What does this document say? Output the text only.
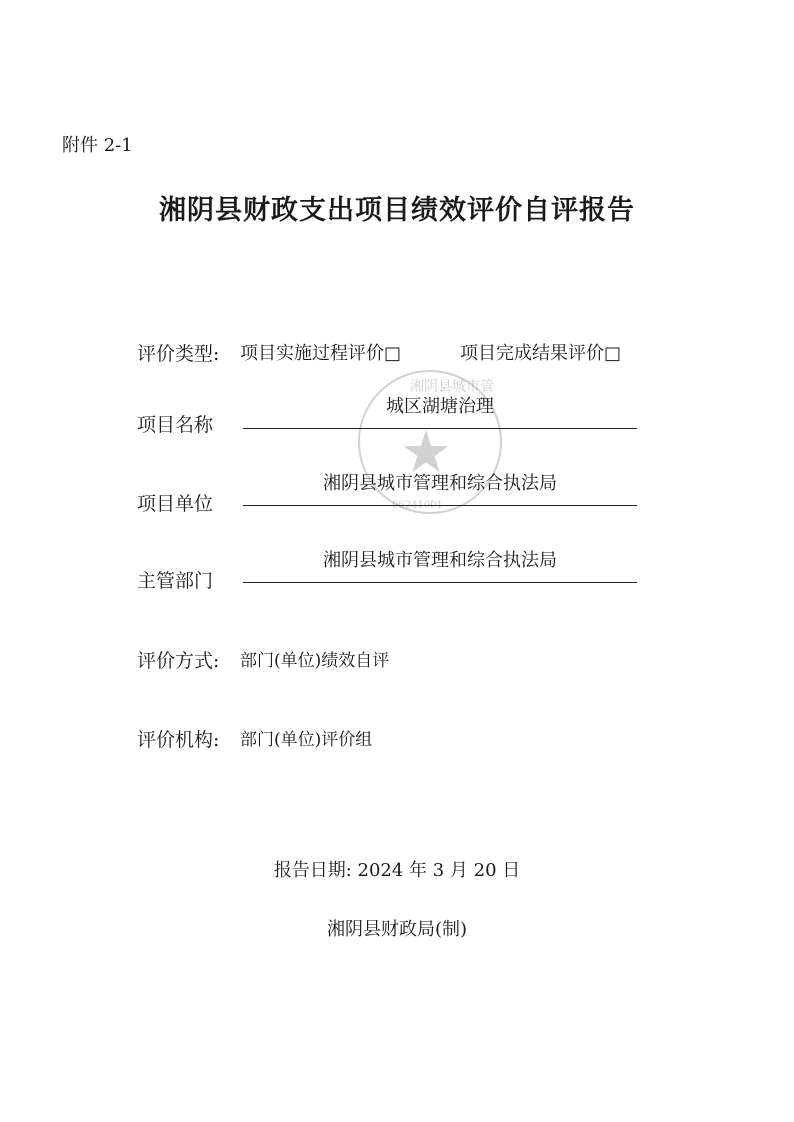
附件 2-1
湘阴县财政支出项目绩效评价自评报告
湘阴县城市管
★
06241001
评价类型: 项目实施过程评价□	项目完成结果评价□
项目名称
城区湖塘治理
项目单位
湘阴县城市管理和综合执法局
主管部门
湘阴县城市管理和综合执法局
评价方式: 部门(单位)绩效自评
评价机构: 部门(单位)评价组
报告日期: 2024 年 3 月 20 日
湘阴县财政局(制)
